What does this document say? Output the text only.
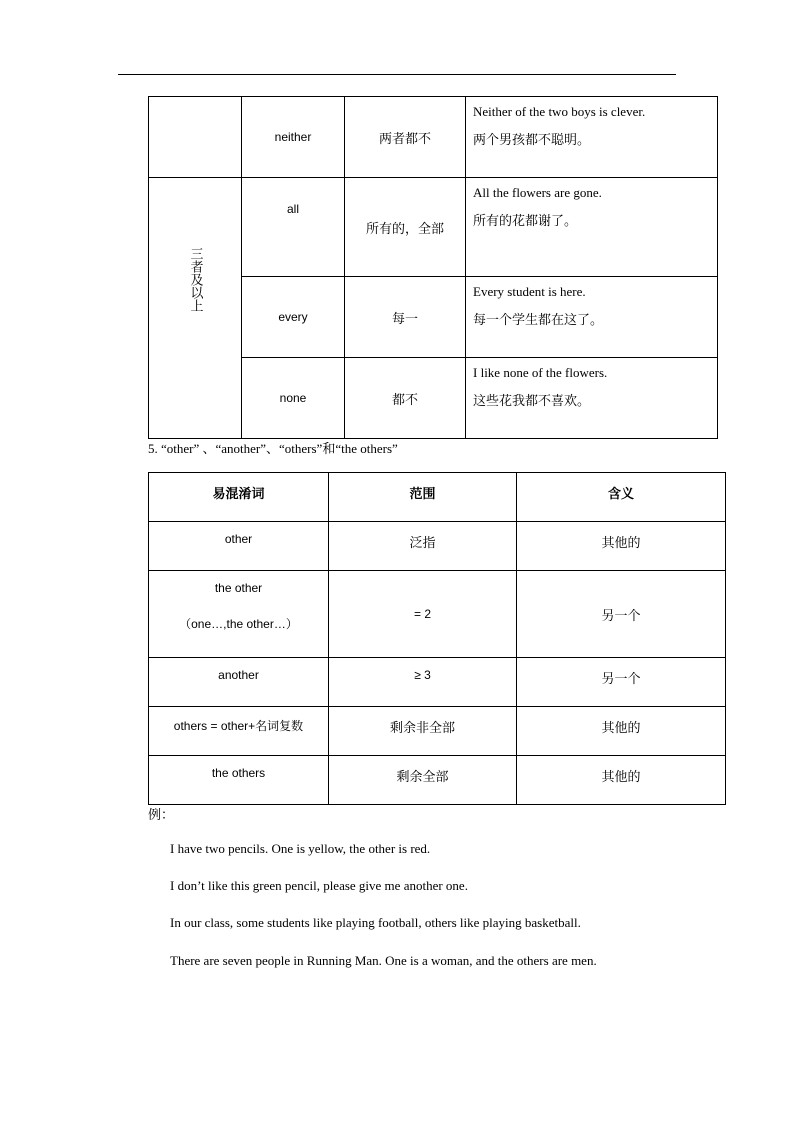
	neither	两者都不	Neither of the two boys is clever.
两个男孩都不聪明。

三者及以上	all	所有的，全部	All the flowers are gone.
所有的花都谢了。

	every	每一	Every student is here.
每一个学生都在这了。

	none	都不	I like none of the flowers.
这些花我都不喜欢。
5. “other” 、“another”、“others”和“the others”
易混淆词	范围	含义
other	泛指	其他的

the other
（one…,the other…）	= 2	另一个
another	≥ 3	另一个
others = other+名词复数	剩余非全部	其他的
the others	剩余全部	其他的
例：
I have two pencils. One is yellow, the other is red.
I don’t like this green pencil, please give me another one.
In our class, some students like playing football, others like playing basketball.
There are seven people in Running Man. One is a woman, and the others are men.
